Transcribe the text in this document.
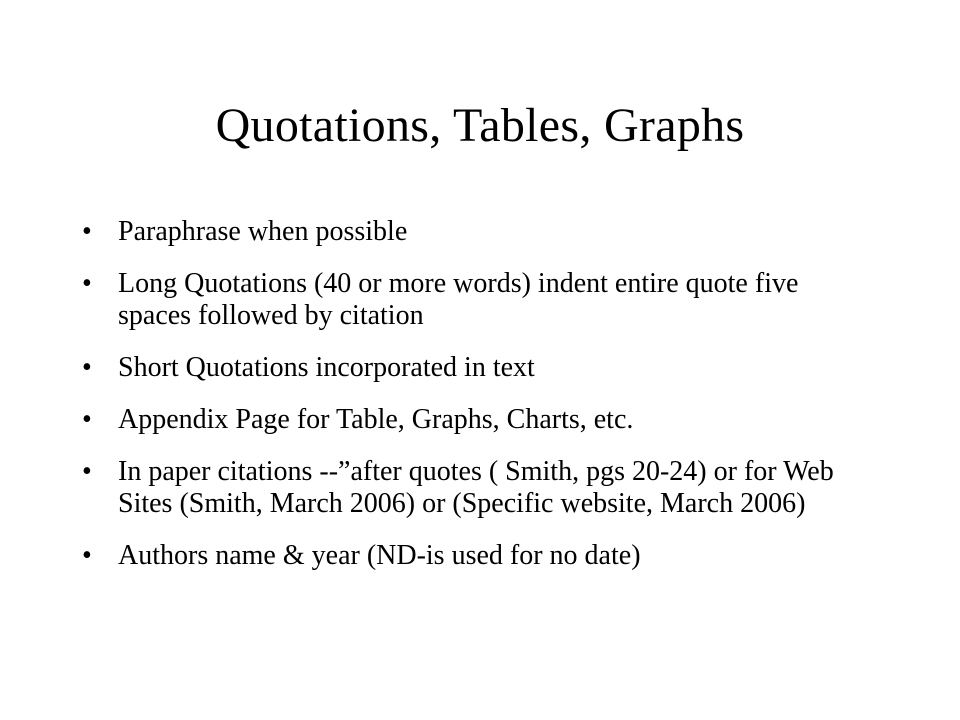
Quotations, Tables, Graphs
• Paraphrase when possible
• Long Quotations (40 or more words) indent entire quote five spaces followed by citation
• Short Quotations incorporated in text
• Appendix Page for Table, Graphs, Charts, etc.
• In paper citations --”after quotes ( Smith, pgs 20-24) or for Web Sites (Smith, March 2006) or (Specific website, March 2006)
• Authors name & year (ND-is used for no date)
